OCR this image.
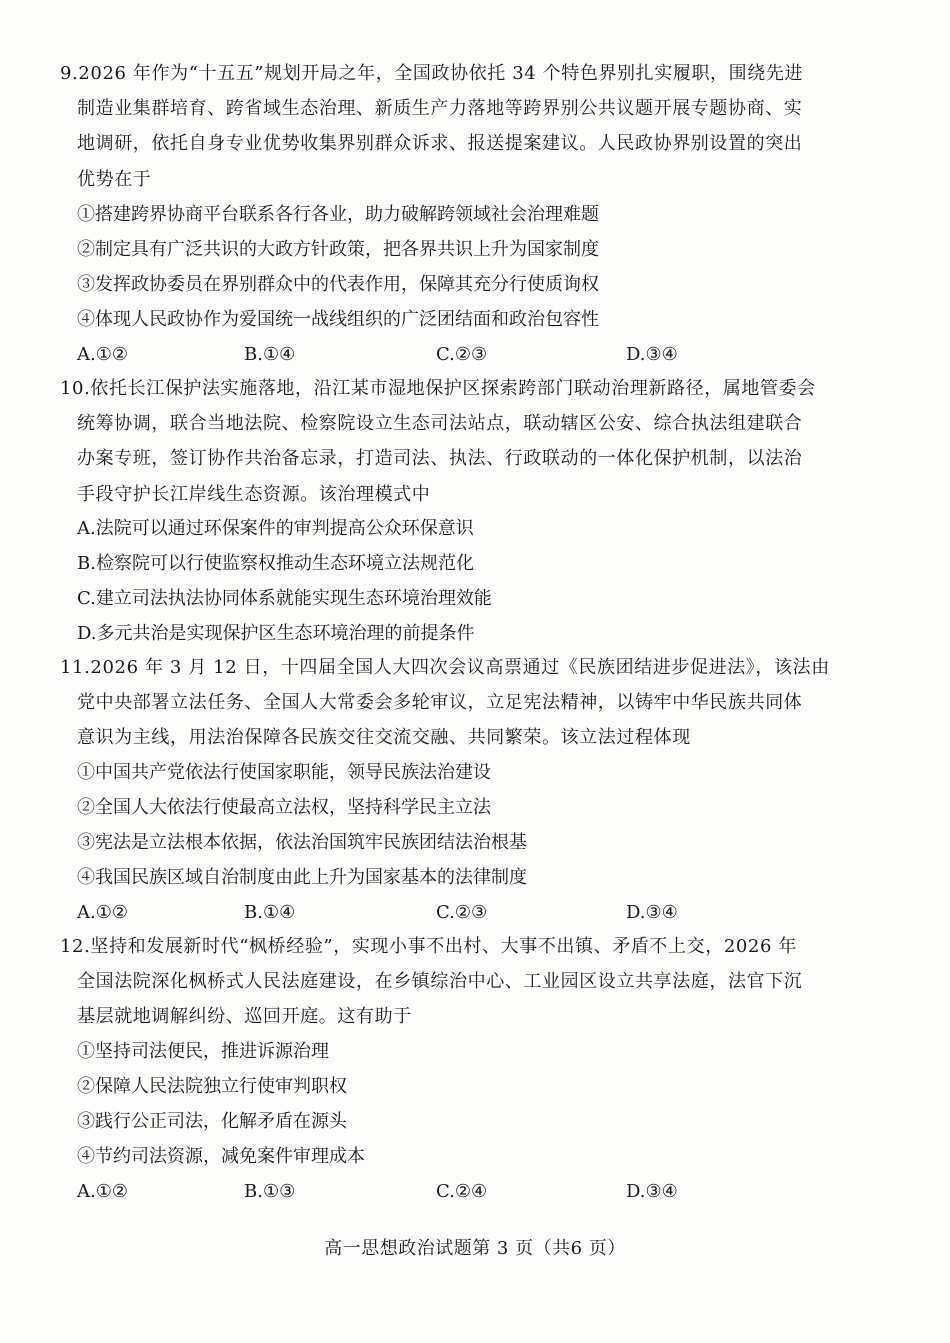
9.2026 年作为“十五五”规划开局之年，全国政协依托 34 个特色界别扎实履职，围绕先进
制造业集群培育、跨省域生态治理、新质生产力落地等跨界别公共议题开展专题协商、实
地调研，依托自身专业优势收集界别群众诉求、报送提案建议。人民政协界别设置的突出
优势在于
①搭建跨界协商平台联系各行各业，助力破解跨领域社会治理难题
②制定具有广泛共识的大政方针政策，把各界共识上升为国家制度
③发挥政协委员在界别群众中的代表作用，保障其充分行使质询权
④体现人民政协作为爱国统一战线组织的广泛团结面和政治包容性
A.①②	B.①④	C.②③	D.③④
10.依托长江保护法实施落地，沿江某市湿地保护区探索跨部门联动治理新路径，属地管委会
统筹协调，联合当地法院、检察院设立生态司法站点，联动辖区公安、综合执法组建联合
办案专班，签订协作共治备忘录，打造司法、执法、行政联动的一体化保护机制，以法治
手段守护长江岸线生态资源。该治理模式中
A.法院可以通过环保案件的审判提高公众环保意识
B.检察院可以行使监察权推动生态环境立法规范化
C.建立司法执法协同体系就能实现生态环境治理效能
D.多元共治是实现保护区生态环境治理的前提条件
11.2026 年 3 月 12 日，十四届全国人大四次会议高票通过《民族团结进步促进法》，该法由
党中央部署立法任务、全国人大常委会多轮审议，立足宪法精神，以铸牢中华民族共同体
意识为主线，用法治保障各民族交往交流交融、共同繁荣。该立法过程体现
①中国共产党依法行使国家职能，领导民族法治建设
②全国人大依法行使最高立法权，坚持科学民主立法
③宪法是立法根本依据，依法治国筑牢民族团结法治根基
④我国民族区域自治制度由此上升为国家基本的法律制度
A.①②	B.①④	C.②③	D.③④
12.坚持和发展新时代“枫桥经验”，实现小事不出村、大事不出镇、矛盾不上交，2026 年
全国法院深化枫桥式人民法庭建设，在乡镇综治中心、工业园区设立共享法庭，法官下沉
基层就地调解纠纷、巡回开庭。这有助于
①坚持司法便民，推进诉源治理
②保障人民法院独立行使审判职权
③践行公正司法，化解矛盾在源头
④节约司法资源，减免案件审理成本
A.①②	B.①③	C.②④	D.③④
高一思想政治试题第 3 页（共6 页）
